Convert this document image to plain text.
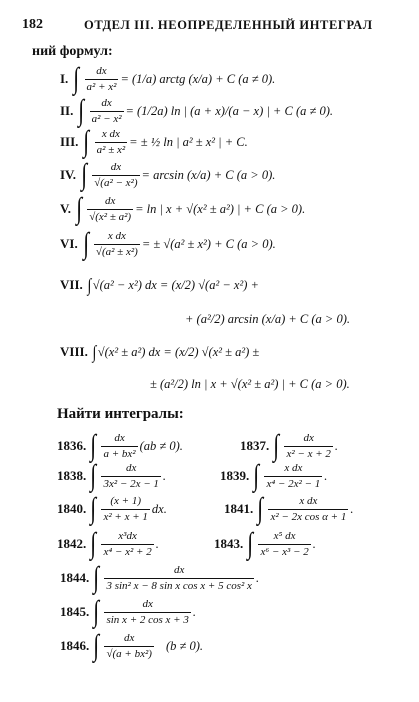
182	ОТДЕЛ III. НЕОПРЕДЕЛЕННЫЙ ИНТЕГРАЛ
ний формул:
I. ∫ $\frac{dx}{\text{a² + x²}} = (1/a)$ arctg (x/a) + C (a ≠ 0).
II. ∫ $\frac{dx}{\text{a² − x²}} = (1/2a)$ ln | (a + x)/(a − x) | + C (a ≠ 0).
III. ∫ $\frac{\text{x dx}}{\text{a² ± x²}}$ = ± ½ ln | a² ± x² | + C.
IV. ∫ $\frac{dx}{\text{√(a² − x²)}} = \arcsin (x/a) + C$ (a > 0).
V. ∫ $\frac{dx}{\text{√(x² ± a²)}} = \ln$ | x + √(x² ± a²) | + C (a > 0).
VI. ∫ $\frac{\text{x dx}}{\text{√(a² ± x²)}}$ = ± √(a² ± x²) + C (a > 0).
VII. ∫ √(a² − x²) dx = (x/2) √(a² − x²) +
+ (a²/2) arcsin (x/a) + C (a > 0).
VIII. ∫ √(x² ± a²) dx = (x/2) √(x² ± a²) ±
± (a²/2) ln | x + √(x² ± a²) | + C (a > 0).
Найти интегралы:
1836. ∫ $\frac{dx}{\text{a + bx²}} (ab \ne 0)$.	1837. ∫ $\frac{dx}{\text{x² − x + 2}}$ .
1838. ∫ $\frac{dx}{\text{3x² − 2x − 1}}$ .	1839. ∫ $\frac{\text{x dx}}{\text{x⁴ − 2x² − 1}}$ .
1840. ∫ $\frac{(x + 1)}{\text{x² + x + 1}}$ dx.	1841. ∫ $\frac{\text{x dx}}{\text{x² − 2x cos α + 1}}$ .
1842. ∫ $\frac{\text{x³dx}}{\text{x⁴ − x² + 2}}$ .	1843. ∫ $\frac{\text{x⁵ dx}}{\text{x⁶ − x³ − 2}}$ .
1844. ∫ $\frac{dx}{\text{3 sin² x − 8 sin x cos x + 5 cos² x}}$ .
1845. ∫ $\frac{dx}{\text{sin x + 2 cos x + 3}}$ .
1846. ∫ $\frac{dx}{\text{√(a + bx²)}} (b \ne 0)$.
